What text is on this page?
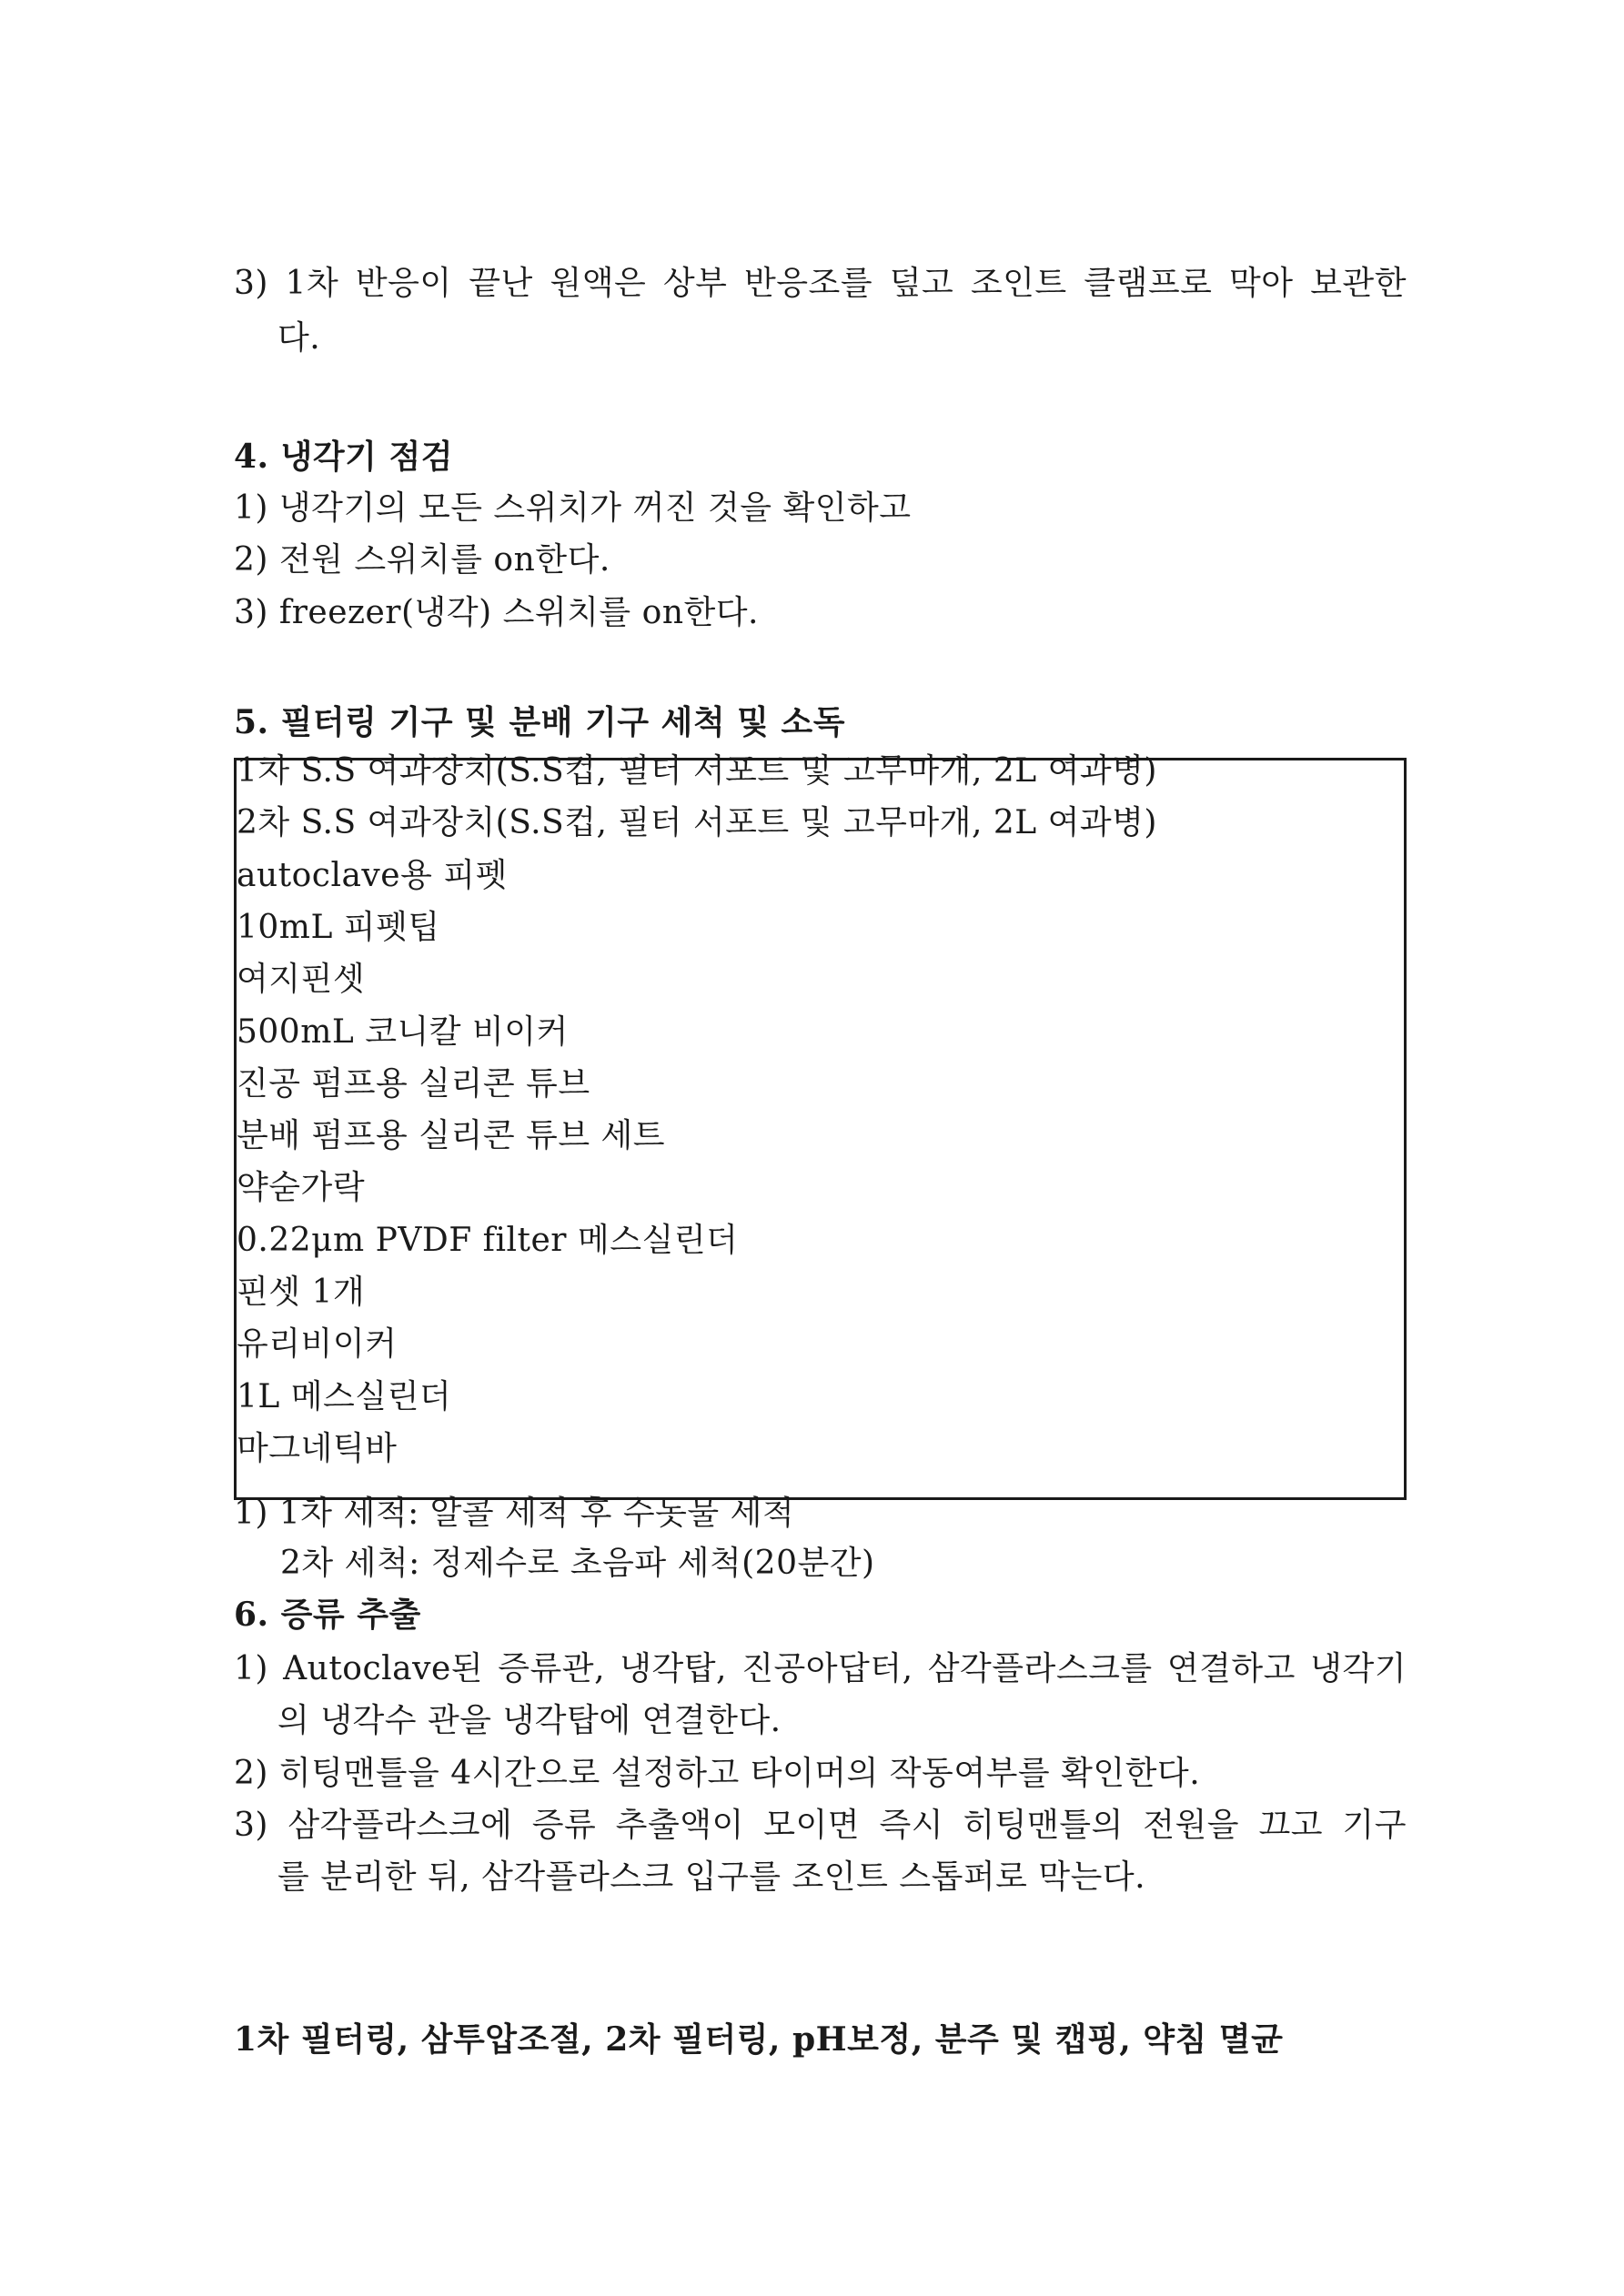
3) 1차 반응이 끝난 원액은 상부 반응조를 덮고 조인트 클램프로 막아 보관한
다.
4. 냉각기 점검
1) 냉각기의 모든 스위치가 꺼진 것을 확인하고
2) 전원 스위치를 on한다.
3) freezer(냉각) 스위치를 on한다.
5. 필터링 기구 및 분배 기구 세척 및 소독
1차 S.S 여과장치(S.S컵, 필터 서포트 및 고무마개, 2L 여과병)
2차 S.S 여과장치(S.S컵, 필터 서포트 및 고무마개, 2L 여과병)
autoclave용 피펫
10mL 피펫팁
여지핀셋
500mL 코니칼 비이커
진공 펌프용 실리콘 튜브
분배 펌프용 실리콘 튜브 세트
약숟가락
0.22μm PVDF filter 메스실린더
핀셋 1개
유리비이커
1L 메스실린더
마그네틱바
1) 1차 세척: 알콜 세척 후 수돗물 세척
2차 세척: 정제수로 초음파 세척(20분간)
6. 증류 추출
1) Autoclave된 증류관, 냉각탑, 진공아답터, 삼각플라스크를 연결하고 냉각기
의 냉각수 관을 냉각탑에 연결한다.
2) 히팅맨틀을 4시간으로 설정하고 타이머의 작동여부를 확인한다.
3) 삼각플라스크에 증류 추출액이 모이면 즉시 히팅맨틀의 전원을 끄고 기구
를 분리한 뒤, 삼각플라스크 입구를 조인트 스톱퍼로 막는다.
1차 필터링, 삼투압조절, 2차 필터링, pH보정, 분주 및 캡핑, 약침 멸균
